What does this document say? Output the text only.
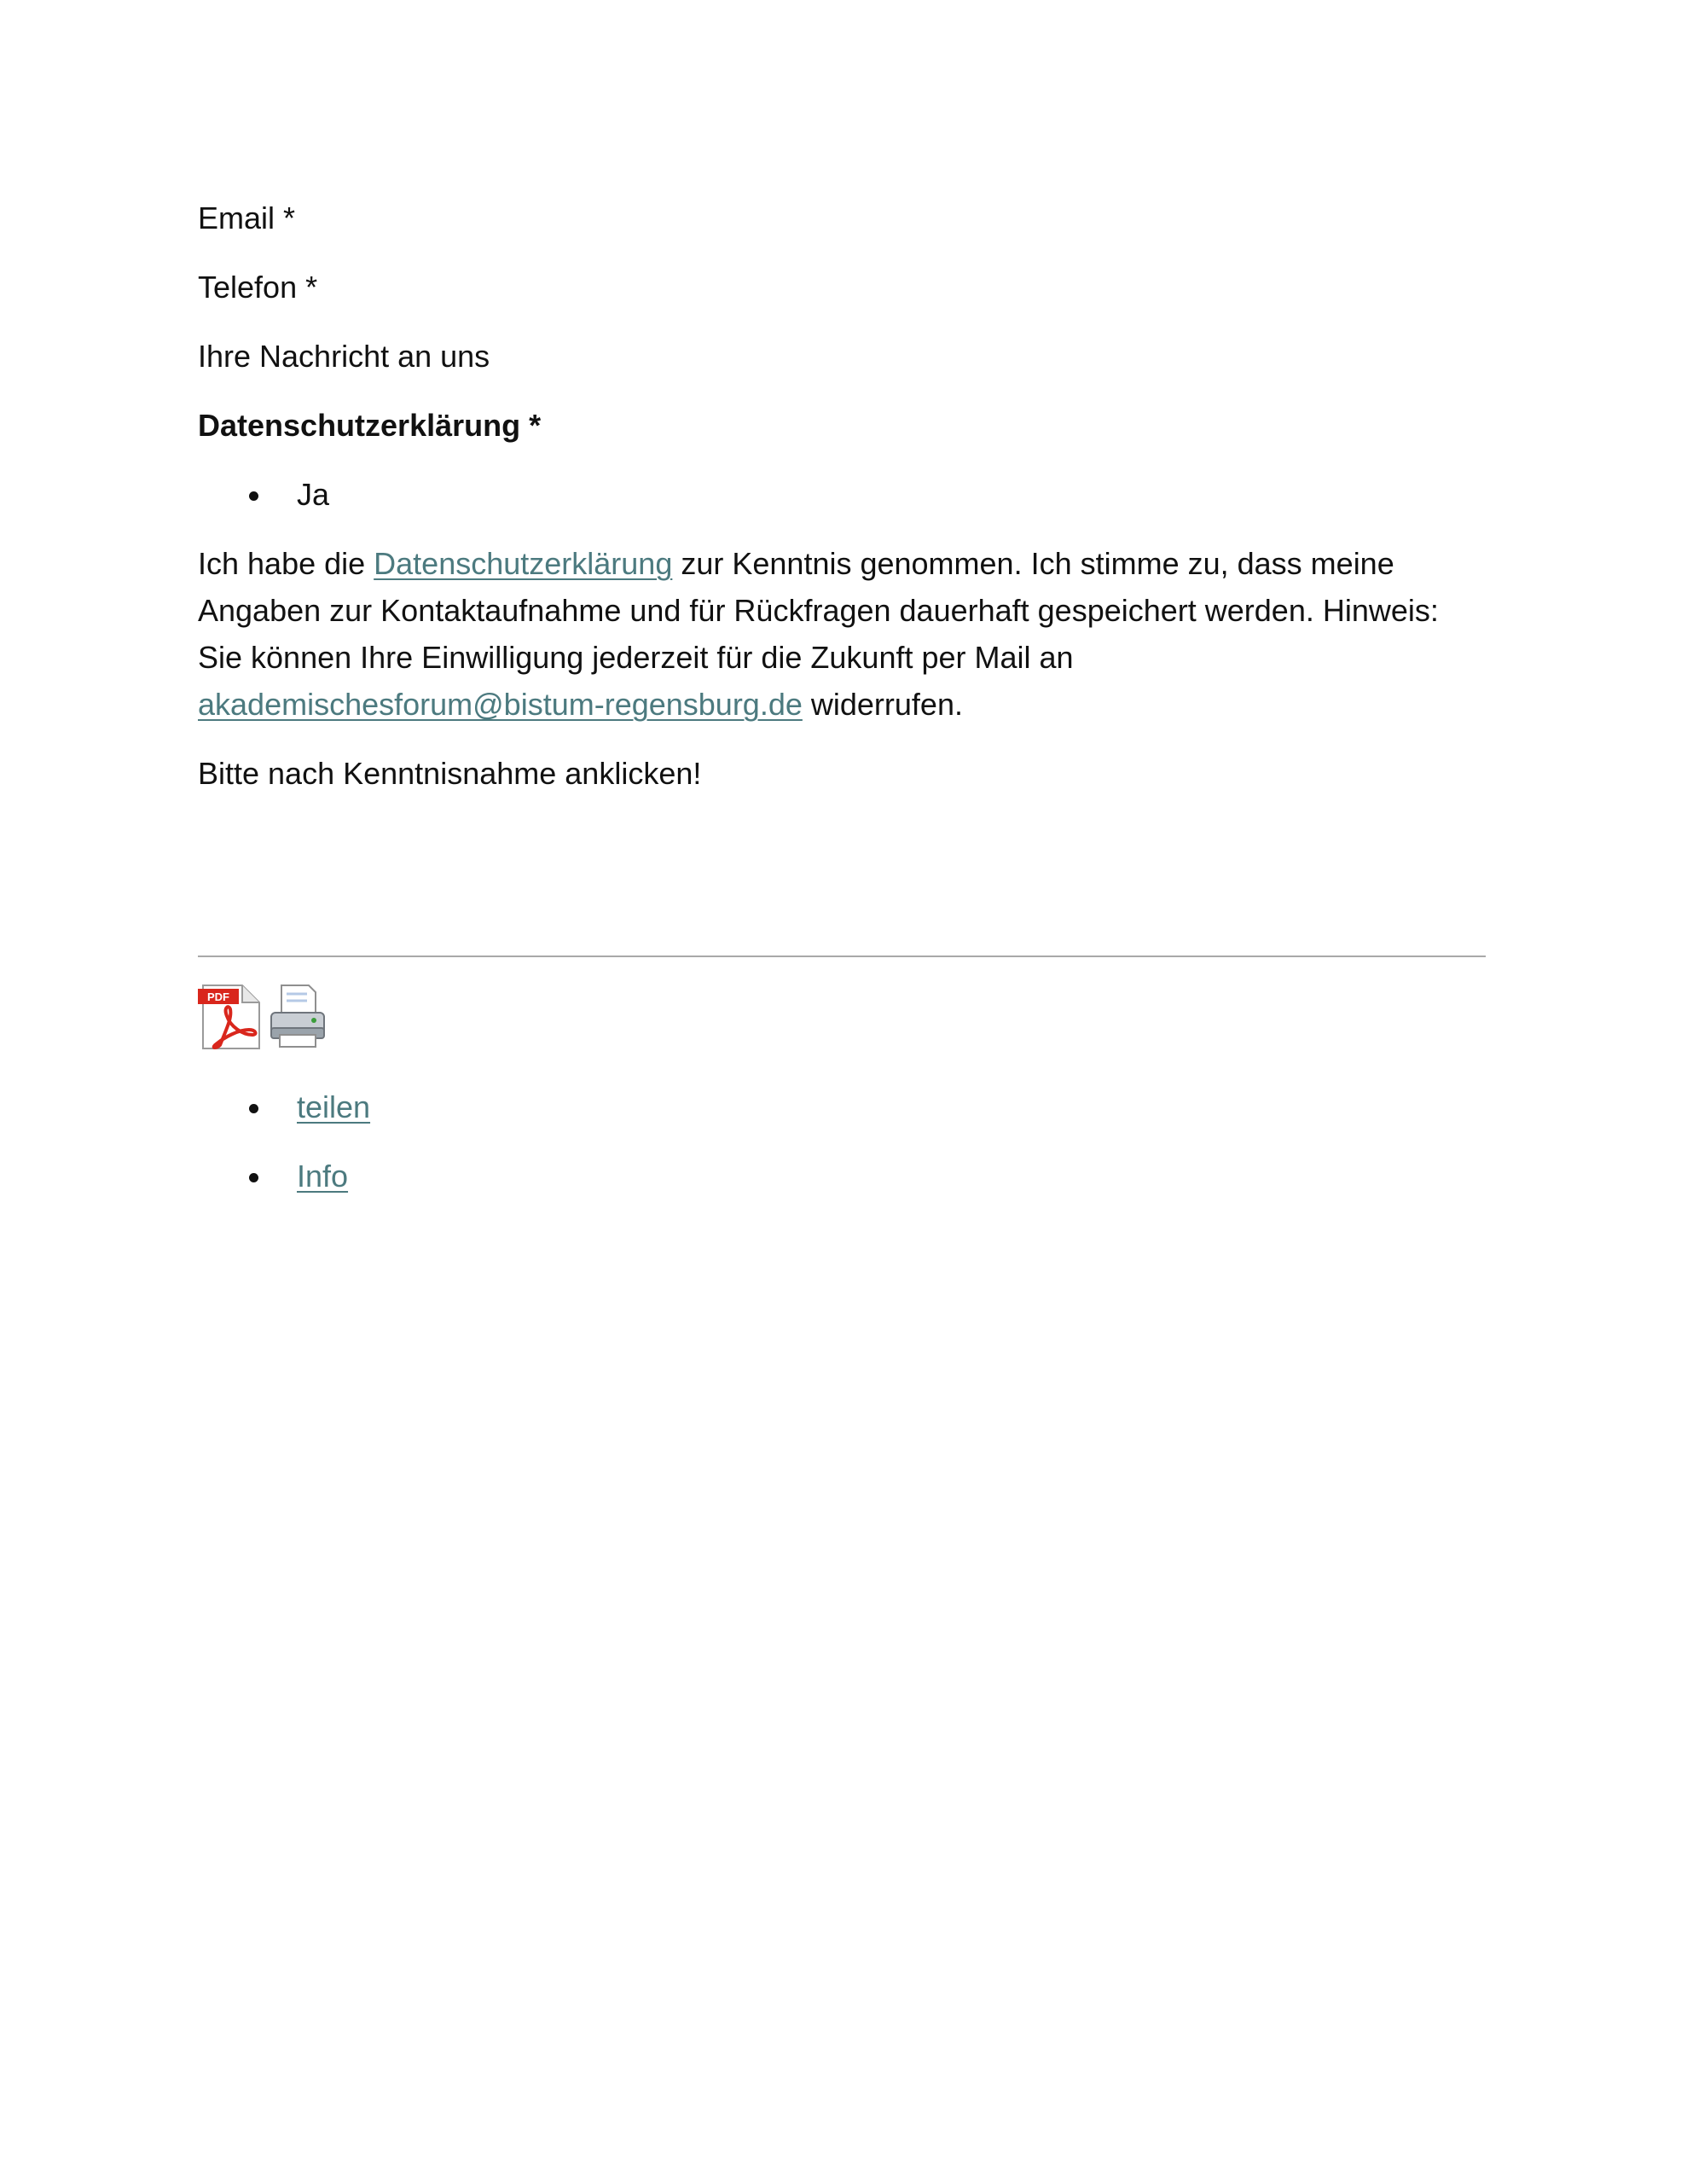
Email *
Telefon *
Ihre Nachricht an uns
Datenschutzerklärung *
Ja
Ich habe die Datenschutzerklärung zur Kenntnis genommen. Ich stimme zu, dass meine Angaben zur Kontaktaufnahme und für Rückfragen dauerhaft gespeichert werden. Hinweis: Sie können Ihre Einwilligung jederzeit für die Zukunft per Mail an akademischesforum@bistum-regensburg.de widerrufen.
Bitte nach Kenntnisnahme anklicken!
PDF
teilen
Info
